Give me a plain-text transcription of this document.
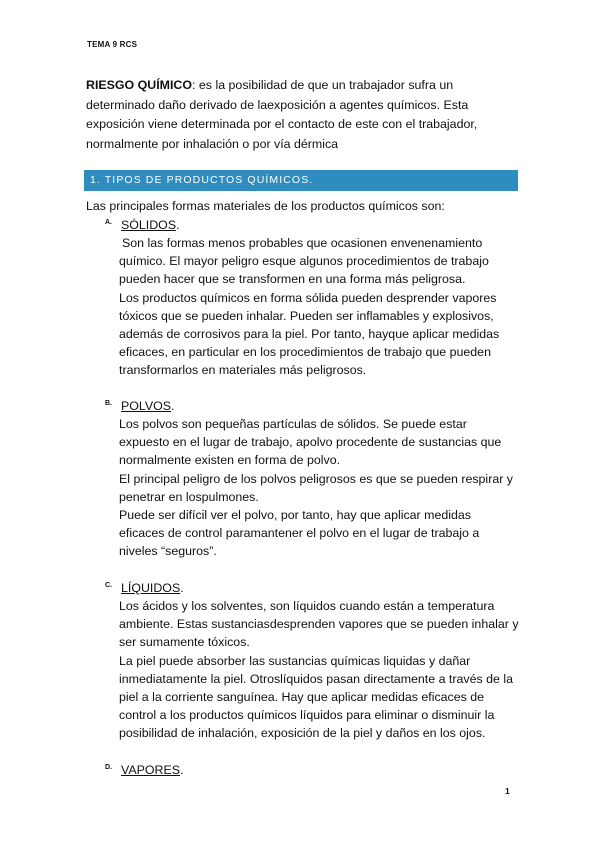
TEMA 9 RCS
RIESGO QUÍMICO: es la posibilidad de que un trabajador sufra un determinado daño derivado de laexposición a agentes químicos. Esta exposición viene determinada por el contacto de este con el trabajador, normalmente por inhalación o por vía dérmica
1. TIPOS DE PRODUCTOS QUÍMICOS.
Las principales formas materiales de los productos químicos son:
A. SÓLIDOS.

Son las formas menos probables que ocasionen envenenamiento químico. El mayor peligro esque algunos procedimientos de trabajo pueden hacer que se transformen en una forma más peligrosa.

Los productos químicos en forma sólida pueden desprender vapores tóxicos que se pueden inhalar. Pueden ser inflamables y explosivos, además de corrosivos para la piel. Por tanto, hayque aplicar medidas eficaces, en particular en los procedimientos de trabajo que pueden transformarlos en materiales más peligrosos.

B. POLVOS.

Los polvos son pequeñas partículas de sólidos. Se puede estar expuesto en el lugar de trabajo, apolvo procedente de sustancias que normalmente existen en forma de polvo.

El principal peligro de los polvos peligrosos es que se pueden respirar y penetrar en lospulmones.

Puede ser difícil ver el polvo, por tanto, hay que aplicar medidas eficaces de control paramantener el polvo en el lugar de trabajo a niveles “seguros”.

C. LÍQUIDOS.

Los ácidos y los solventes, son líquidos cuando están a temperatura ambiente. Estas sustanciasdesprenden vapores que se pueden inhalar y ser sumamente tóxicos.

La piel puede absorber las sustancias químicas liquidas y dañar inmediatamente la piel. Otroslíquidos pasan directamente a través de la piel a la corriente sanguínea. Hay que aplicar medidas eficaces de control a los productos químicos líquidos para eliminar o disminuir la posibilidad de inhalación, exposición de la piel y daños en los ojos.

D. VAPORES.
1
